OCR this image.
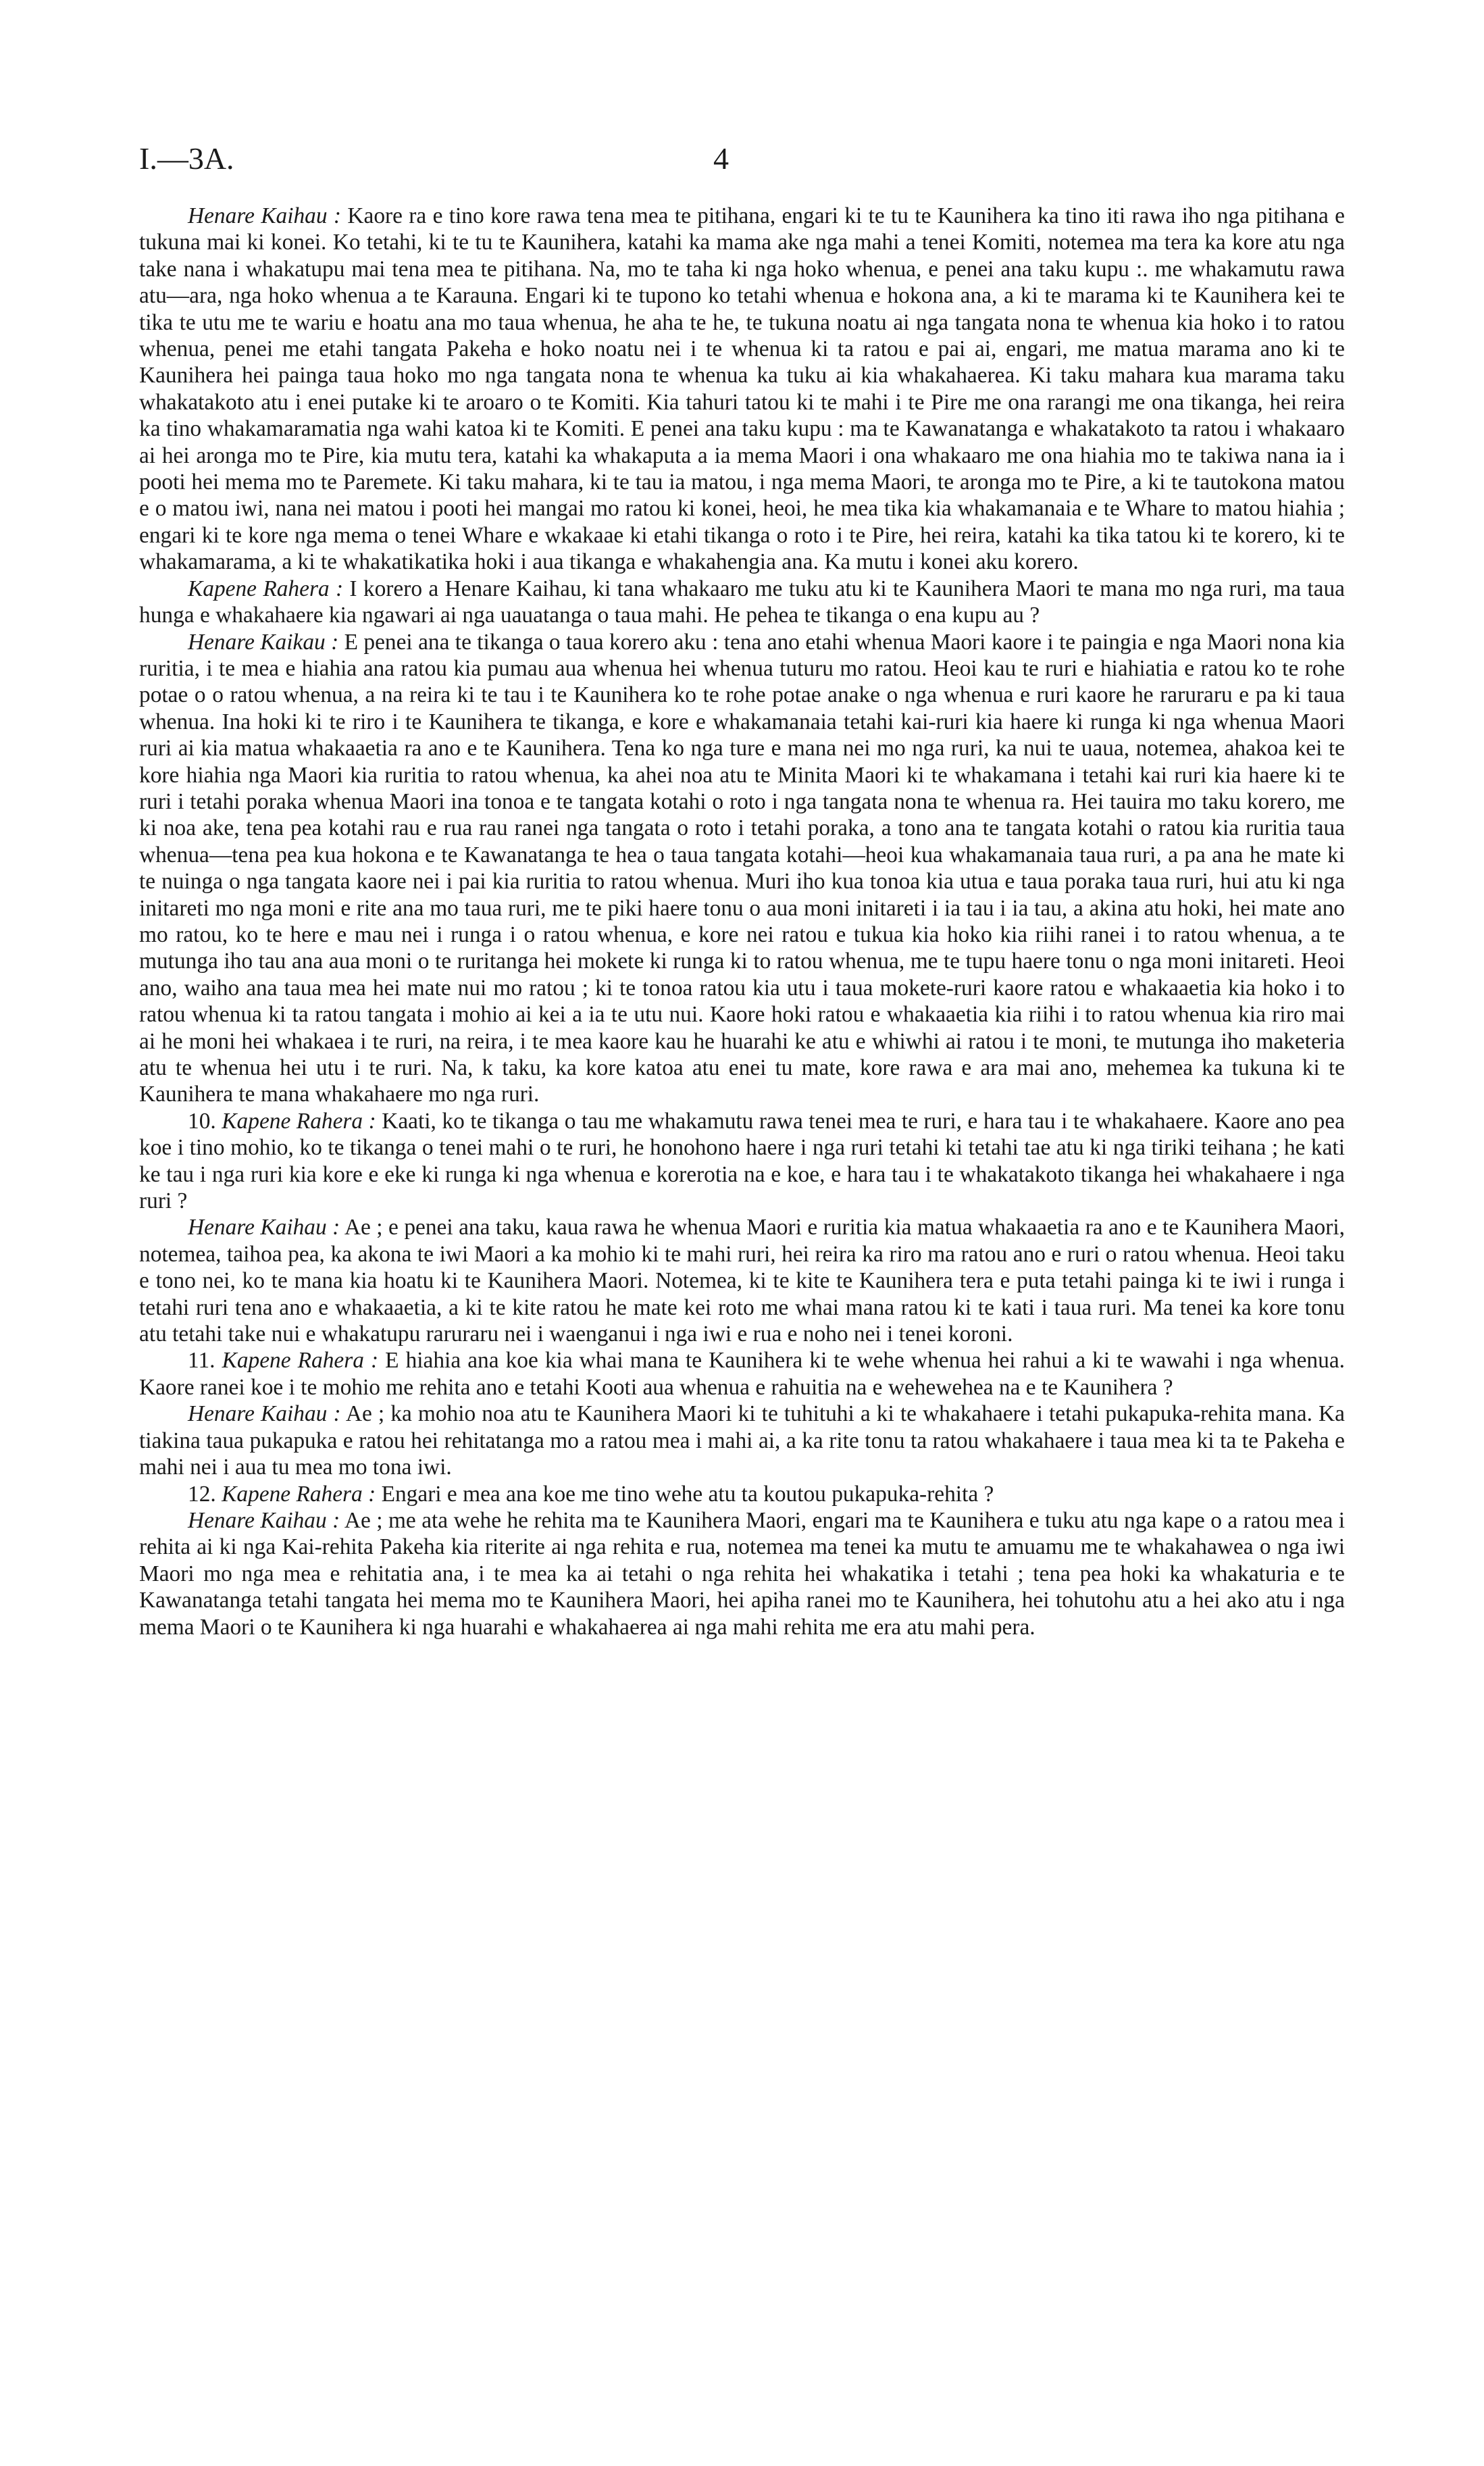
I.—3A.	4

Henare Kaihau : Kaore ra e tino kore rawa tena mea te pitihana, engari ki te tu te Kaunihera ka tino iti rawa iho nga pitihana e tukuna mai ki konei. Ko tetahi, ki te tu te Kaunihera, katahi ka mama ake nga mahi a tenei Komiti, notemea ma tera ka kore atu nga take nana i whakatupu mai tena mea te pitihana. Na, mo te taha ki nga hoko whenua, e penei ana taku kupu :. me whakamutu rawa atu—ara, nga hoko whenua a te Karauna. Engari ki te tupono ko tetahi whenua e hokona ana, a ki te marama ki te Kaunihera kei te tika te utu me te wariu e hoatu ana mo taua whenua, he aha te he, te tukuna noatu ai nga tangata nona te whenua kia hoko i to ratou whenua, penei me etahi tangata Pakeha e hoko noatu nei i te whenua ki ta ratou e pai ai, engari, me matua marama ano ki te Kaunihera hei painga taua hoko mo nga tangata nona te whenua ka tuku ai kia whakahaerea. Ki taku mahara kua marama taku whakatakoto atu i enei putake ki te aroaro o te Komiti. Kia tahuri tatou ki te mahi i te Pire me ona rarangi me ona tikanga, hei reira ka tino whakamaramatia nga wahi katoa ki te Komiti. E penei ana taku kupu : ma te Kawanatanga e whakatakoto ta ratou i whakaaro ai hei aronga mo te Pire, kia mutu tera, katahi ka whakaputa a ia mema Maori i ona whakaaro me ona hiahia mo te takiwa nana ia i pooti hei mema mo te Paremete. Ki taku mahara, ki te tau ia matou, i nga mema Maori, te aronga mo te Pire, a ki te tautokona matou e o matou iwi, nana nei matou i pooti hei mangai mo ratou ki konei, heoi, he mea tika kia whakamanaia e te Whare to matou hiahia ; engari ki te kore nga mema o tenei Whare e wkakaae ki etahi tikanga o roto i te Pire, hei reira, katahi ka tika tatou ki te korero, ki te whakamarama, a ki te whakatikatika hoki i aua tikanga e whakahengia ana. Ka mutu i konei aku korero.

Kapene Rahera : I korero a Henare Kaihau, ki tana whakaaro me tuku atu ki te Kaunihera Maori te mana mo nga ruri, ma taua hunga e whakahaere kia ngawari ai nga uauatanga o taua mahi. He pehea te tikanga o ena kupu au ?

Henare Kaikau : E penei ana te tikanga o taua korero aku : tena ano etahi whenua Maori kaore i te paingia e nga Maori nona kia ruritia, i te mea e hiahia ana ratou kia pumau aua whenua hei whenua tuturu mo ratou. Heoi kau te ruri e hiahiatia e ratou ko te rohe potae o o ratou whenua, a na reira ki te tau i te Kaunihera ko te rohe potae anake o nga whenua e ruri kaore he raruraru e pa ki taua whenua. Ina hoki ki te riro i te Kaunihera te tikanga, e kore e whakamanaia tetahi kai-ruri kia haere ki runga ki nga whenua Maori ruri ai kia matua whakaaetia ra ano e te Kaunihera. Tena ko nga ture e mana nei mo nga ruri, ka nui te uaua, notemea, ahakoa kei te kore hiahia nga Maori kia ruritia to ratou whenua, ka ahei noa atu te Minita Maori ki te whakamana i tetahi kai ruri kia haere ki te ruri i tetahi poraka whenua Maori ina tonoa e te tangata kotahi o roto i nga tangata nona te whenua ra. Hei tauira mo taku korero, me ki noa ake, tena pea kotahi rau e rua rau ranei nga tangata o roto i tetahi poraka, a tono ana te tangata kotahi o ratou kia ruritia taua whenua—tena pea kua hokona e te Kawanatanga te hea o taua tangata kotahi—heoi kua whakamanaia taua ruri, a pa ana he mate ki te nuinga o nga tangata kaore nei i pai kia ruritia to ratou whenua. Muri iho kua tonoa kia utua e taua poraka taua ruri, hui atu ki nga initareti mo nga moni e rite ana mo taua ruri, me te piki haere tonu o aua moni initareti i ia tau i ia tau, a akina atu hoki, hei mate ano mo ratou, ko te here e mau nei i runga i o ratou whenua, e kore nei ratou e tukua kia hoko kia riihi ranei i to ratou whenua, a te mutunga iho tau ana aua moni o te ruritanga hei mokete ki runga ki to ratou whenua, me te tupu haere tonu o nga moni initareti. Heoi ano, waiho ana taua mea hei mate nui mo ratou ; ki te tonoa ratou kia utu i taua mokete-ruri kaore ratou e whakaaetia kia hoko i to ratou whenua ki ta ratou tangata i mohio ai kei a ia te utu nui. Kaore hoki ratou e whakaaetia kia riihi i to ratou whenua kia riro mai ai he moni hei whakaea i te ruri, na reira, i te mea kaore kau he huarahi ke atu e whiwhi ai ratou i te moni, te mutunga iho maketeria atu te whenua hei utu i te ruri. Na, k taku, ka kore katoa atu enei tu mate, kore rawa e ara mai ano, mehemea ka tukuna ki te Kaunihera te mana whakahaere mo nga ruri.

10. Kapene Rahera : Kaati, ko te tikanga o tau me whakamutu rawa tenei mea te ruri, e hara tau i te whakahaere. Kaore ano pea koe i tino mohio, ko te tikanga o tenei mahi o te ruri, he honohono haere i nga ruri tetahi ki tetahi tae atu ki nga tiriki teihana ; he kati ke tau i nga ruri kia kore e eke ki runga ki nga whenua e korerotia na e koe, e hara tau i te whakatakoto tikanga hei whakahaere i nga ruri ?

Henare Kaihau : Ae ; e penei ana taku, kaua rawa he whenua Maori e ruritia kia matua whakaaetia ra ano e te Kaunihera Maori, notemea, taihoa pea, ka akona te iwi Maori a ka mohio ki te mahi ruri, hei reira ka riro ma ratou ano e ruri o ratou whenua. Heoi taku e tono nei, ko te mana kia hoatu ki te Kaunihera Maori. Notemea, ki te kite te Kaunihera tera e puta tetahi painga ki te iwi i runga i tetahi ruri tena ano e whakaaetia, a ki te kite ratou he mate kei roto me whai mana ratou ki te kati i taua ruri. Ma tenei ka kore tonu atu tetahi take nui e whakatupu raruraru nei i waenganui i nga iwi e rua e noho nei i tenei koroni.

11. Kapene Rahera : E hiahia ana koe kia whai mana te Kaunihera ki te wehe whenua hei rahui a ki te wawahi i nga whenua. Kaore ranei koe i te mohio me rehita ano e tetahi Kooti aua whenua e rahuitia na e wehewehea na e te Kaunihera ?

Henare Kaihau : Ae ; ka mohio noa atu te Kaunihera Maori ki te tuhituhi a ki te whakahaere i tetahi pukapuka-rehita mana. Ka tiakina taua pukapuka e ratou hei rehitatanga mo a ratou mea i mahi ai, a ka rite tonu ta ratou whakahaere i taua mea ki ta te Pakeha e mahi nei i aua tu mea mo tona iwi.

12. Kapene Rahera : Engari e mea ana koe me tino wehe atu ta koutou pukapuka-rehita ?

Henare Kaihau : Ae ; me ata wehe he rehita ma te Kaunihera Maori, engari ma te Kaunihera e tuku atu nga kape o a ratou mea i rehita ai ki nga Kai-rehita Pakeha kia riterite ai nga rehita e rua, notemea ma tenei ka mutu te amuamu me te whakahawea o nga iwi Maori mo nga mea e rehitatia ana, i te mea ka ai tetahi o nga rehita hei whakatika i tetahi ; tena pea hoki ka whakaturia e te Kawanatanga tetahi tangata hei mema mo te Kaunihera Maori, hei apiha ranei mo te Kaunihera, hei tohutohu atu a hei ako atu i nga mema Maori o te Kaunihera ki nga huarahi e whakahaerea ai nga mahi rehita me era atu mahi pera.
